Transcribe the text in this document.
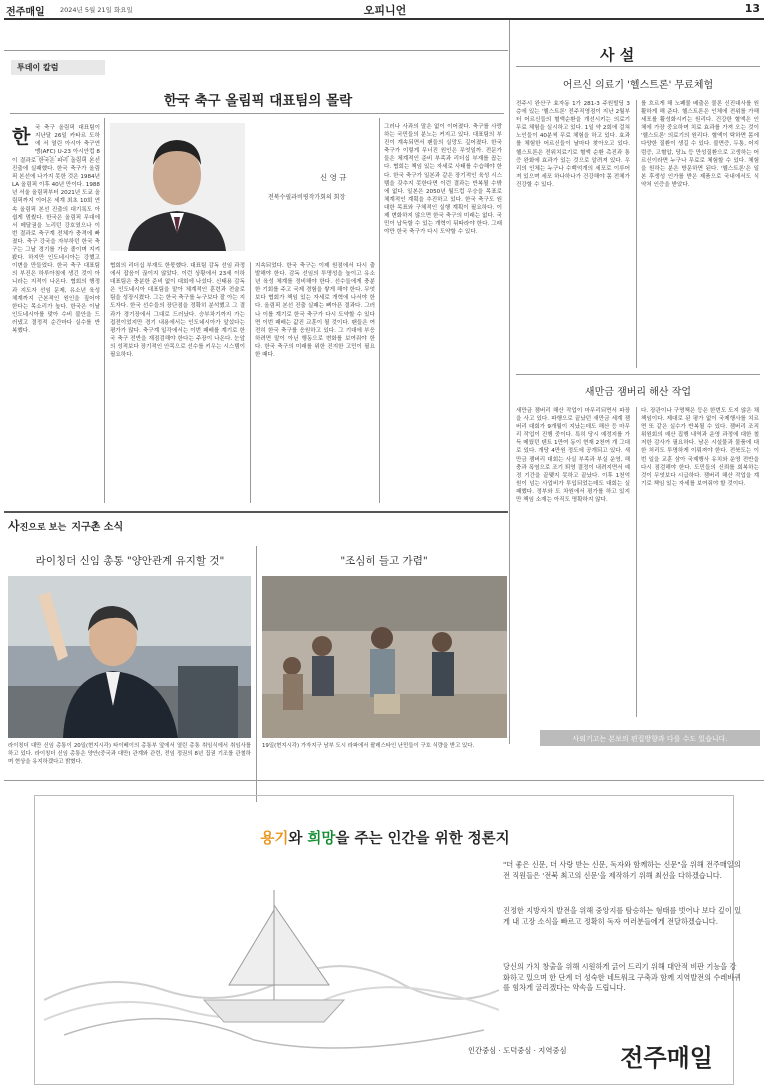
전주매일 2024년 5월 21일 화요일	오피니언	13
투데이 칼럼
한국 축구 올림픽 대표팀의 몰락
한 국 축구 올림픽 대표팀이 지난달 26일 카타르 도하에 서 열린 아시아 축구연맹(AFC) U-23 아시안컵 8
이 결과로 한국은 파리 올림픽 본선 진출에 실패했다. 한국 축구가 올림픽 본선에 나가지 못한 것은 1984년 LA 올림픽 이후 40년 만이다. 1988년 서울 올림픽부터 2021년 도쿄 올림픽까지 이어온 세계 최초 10회 연속 올림픽 본선 진출의 대기록도 아쉽게 멈췄다. 한국은 올림픽 무대에서 메달권을 노리던 강호였으나 이번 결과로 축구계 전체가 충격에 빠졌다. 축구 강국을 자부하던 한국 축구는 그날 경기를 가슴 졸이며 지켜봤다. 하지만 인도네시아는 강했고 이변을 만들었다. 한국 축구 대표팀의 부진은 하루아침에 생긴 것이 아니라는 지적이 나온다. 협회의 행정과 지도자 선임 문제, 유소년 육성 체계까지 근본적인 원인을 짚어야 한다는 목소리가 높다. 한국은 이날 인도네시아를 맞아 수비 불안을 드러냈고 결정적 순간마다 실수를 반복했다.
신 영 규
전북수필과비평작가회의 회장
협회의 리더십 부재도 한몫했다. 대표팀 감독 선임 과정에서 잡음이 끊이지 않았다. 이런 상황에서 23세 이하 대표팀은 충분한 준비 없이 대회에 나섰다. 신태용 감독은 인도네시아 대표팀을 맡아 체계적인 훈련과 전술로 팀을 성장시켰다. 그는 한국 축구를 누구보다 잘 아는 지도자다. 한국 선수들의 장단점을 정확히 분석했고 그 결과가 경기장에서 그대로 드러났다. 승부차기까지 가는 접전이었지만 경기 내용에서는 인도네시아가 앞섰다는 평가가 많다. 축구계 일각에서는 이번 패배를 계기로 한국 축구 전반을 재점검해야 한다는 주장이 나온다. 눈앞의 성적보다 장기적인 안목으로 선수를 키우는 시스템이 필요하다.
지속되었다. 한국 축구는 이제 원점에서 다시 출발해야 한다. 감독 선임의 투명성을 높이고 유소년 육성 체계를 정비해야 한다. 선수들에게 충분한 기회를 주고 국제 경험을 쌓게 해야 한다. 무엇보다 협회가 책임 있는 자세로 개혁에 나서야 한다. 올림픽 본선 진출 실패는 뼈아픈 결과다. 그러나 이를 계기로 한국 축구가 다시 도약할 수 있다면 이번 패배는 값진 교훈이 될 것이다. 팬들은 여전히 한국 축구를 응원하고 있다. 그 기대에 부응하려면 말이 아닌 행동으로 변화를 보여줘야 한다. 한국 축구의 미래를 위한 진지한 고민이 필요한 때다.
그러나 사과의 말은 없이 이어졌다. 축구를 사랑하는 국민들의 분노는 커지고 있다. 대표팀의 부진이 계속되면서 팬들의 실망도 깊어졌다. 한국 축구가 이렇게 무너진 원인은 무엇일까. 전문가들은 체계적인 준비 부족과 리더십 부재를 꼽는다. 협회는 책임 있는 자세로 사태를 수습해야 한다. 한국 축구가 일본과 같은 장기적인 육성 시스템을 갖추지 못한다면 이런 결과는 반복될 수밖에 없다. 일본은 2050년 월드컵 우승을 목표로 체계적인 계획을 추진하고 있다. 한국 축구도 원대한 목표와 구체적인 실행 계획이 필요하다. 이제 변화하지 않으면 한국 축구의 미래는 없다. 국민이 납득할 수 있는 개혁이 뒤따라야 한다. 그래야만 한국 축구가 다시 도약할 수 있다.
사 설
어르신 의료기 '헬스트론' 무료체험
전주시 완산구 효자동 1가 281-3 주원빌딩 3층에 있는 '헬스트론' 전주직영점이 지난 2월부터 어르신들의 혈액순환을 개선시키는 의료기 무료 체험을 실시하고 있다. 1일 약 2회에 걸쳐 노인들이 40분씩 무료 체험을 하고 있다. 효과를 체험한 어르신들이 날마다 찾아오고 있다. 헬스트론은 전위치료기로 혈액 순환 촉진과 통증 완화에 효과가 있는 것으로 알려져 있다. 우리의 인체는 누구나 수백억개의 세포로 이루어져 있으며 세포 하나하나가 건강해야 몸 전체가 건강할 수 있다.
를 흐르게 해 노폐물 배출은 물론 신진대사를 원활하게 해 준다. 헬스트론은 인체에 전위를 가해 세포를 활성화시키는 원리다. 건강한 혈액은 인체에 가장 중요하며 치료 효과를 가져 오는 것이 '헬스트론' 의료기의 원리다. 혈액이 탁하면 몸에 다양한 질환이 생길 수 있다. 불면증, 두통, 어지럼증, 고혈압, 당뇨 등 만성질환으로 고생하는 어르신이라면 누구나 무료로 체험할 수 있다. 체험을 원하는 분은 방문하면 된다. '헬스트론'은 일본 후생성 인가를 받은 제품으로 국내에서도 식약처 인증을 받았다.
새만금 잼버리 해산 작업
새만금 잼버리 해산 작업이 마무리되면서 파장을 사고 있다. 파행으로 끝났던 새만금 세계 잼버리 대회가 9개월이 지났는데도 해산 등 마무리 작업이 진행 중이다. 특히 당시 예정지를 가득 메웠던 텐트 1만여 동이 현재 2천여 개 그대로 있다. 개당 4만원 정도에 공개되고 있다. 새만금 잼버리 대회는 사실 부족과 부실 운영, 해충과 폭염으로 조기 퇴영 결정이 내려지면서 예정 기간을 끝맺지 못하고 끝났다. 이후 1천억 원이 넘는 사업비가 투입되었는데도 대회는 실패했다. 정부와 도 차원에서 평가를 하고 있지만 책임 소재는 아직도 명확하지 않다.
다. 장관이나 구명책은 등은 한번도 도지 않은 채 책임이다. 제대로 된 평가 없이 국제행사를 치르면 또 같은 실수가 반복될 수 있다. 잼버리 조직위원회의 예산 집행 내역과 운영 과정에 대한 철저한 감사가 필요하다. 남은 시설물과 물품에 대한 처리도 투명하게 이뤄져야 한다. 전북도는 이번 일을 교훈 삼아 국제행사 유치와 운영 전반을 다시 점검해야 한다. 도민들의 신뢰를 회복하는 것이 무엇보다 시급하다. 잼버리 해산 작업을 계기로 책임 있는 자세를 보여줘야 할 것이다.
사외기고는 본보의 편집방향과 다를 수도 있습니다.
사진으로 보는 지구촌 소식
라이칭더 신임 총통 "양안관계 유지할 것"	"조심히 들고 가렴"
라이칭더 대만 신임 총통이 20일(현지시각) 타이베이의 총통부 앞에서 열린 총통 취임식에서 취임사를 하고 있다. 라이칭더 신임 총통은 양안(중국과 대만) 관계와 관련, 전임 정권의 8년 집권 기조를 관철하며 현상을 유지하겠다고 밝혔다.
19일(현지시각) 가자지구 남부 도시 라파에서 팔레스타인 난민들이 구호 식량을 받고 있다.
용기와 희망을 주는 인간을 위한 정론지
"더 좋은 신문, 더 사랑 받는 신문, 독자와 함께하는 신문"을 위해 전주매일의 전 직원들은 '전북 최고의 신문'을 제작하기 위해 최선을 다하겠습니다.
진정한 지방자치 발전을 위해 중앙지를 탐승하는 형태를 벗어나 보다 깊이 있게 내 고장 소식을 빠르고 정확히 독자 여러분들에게 전달하겠습니다.
당신의 가치 창출을 위해 시원하게 긁어 드리기 위해 대안적 비판 기능을 강화하고 있으며 한 단계 더 성숙한 네트워크 구축과 함께 지역발전의 수레바퀴를 힘차게 굴리겠다는 약속을 드립니다.
인간중심 · 도덕중심 · 지역중심 전주매일
